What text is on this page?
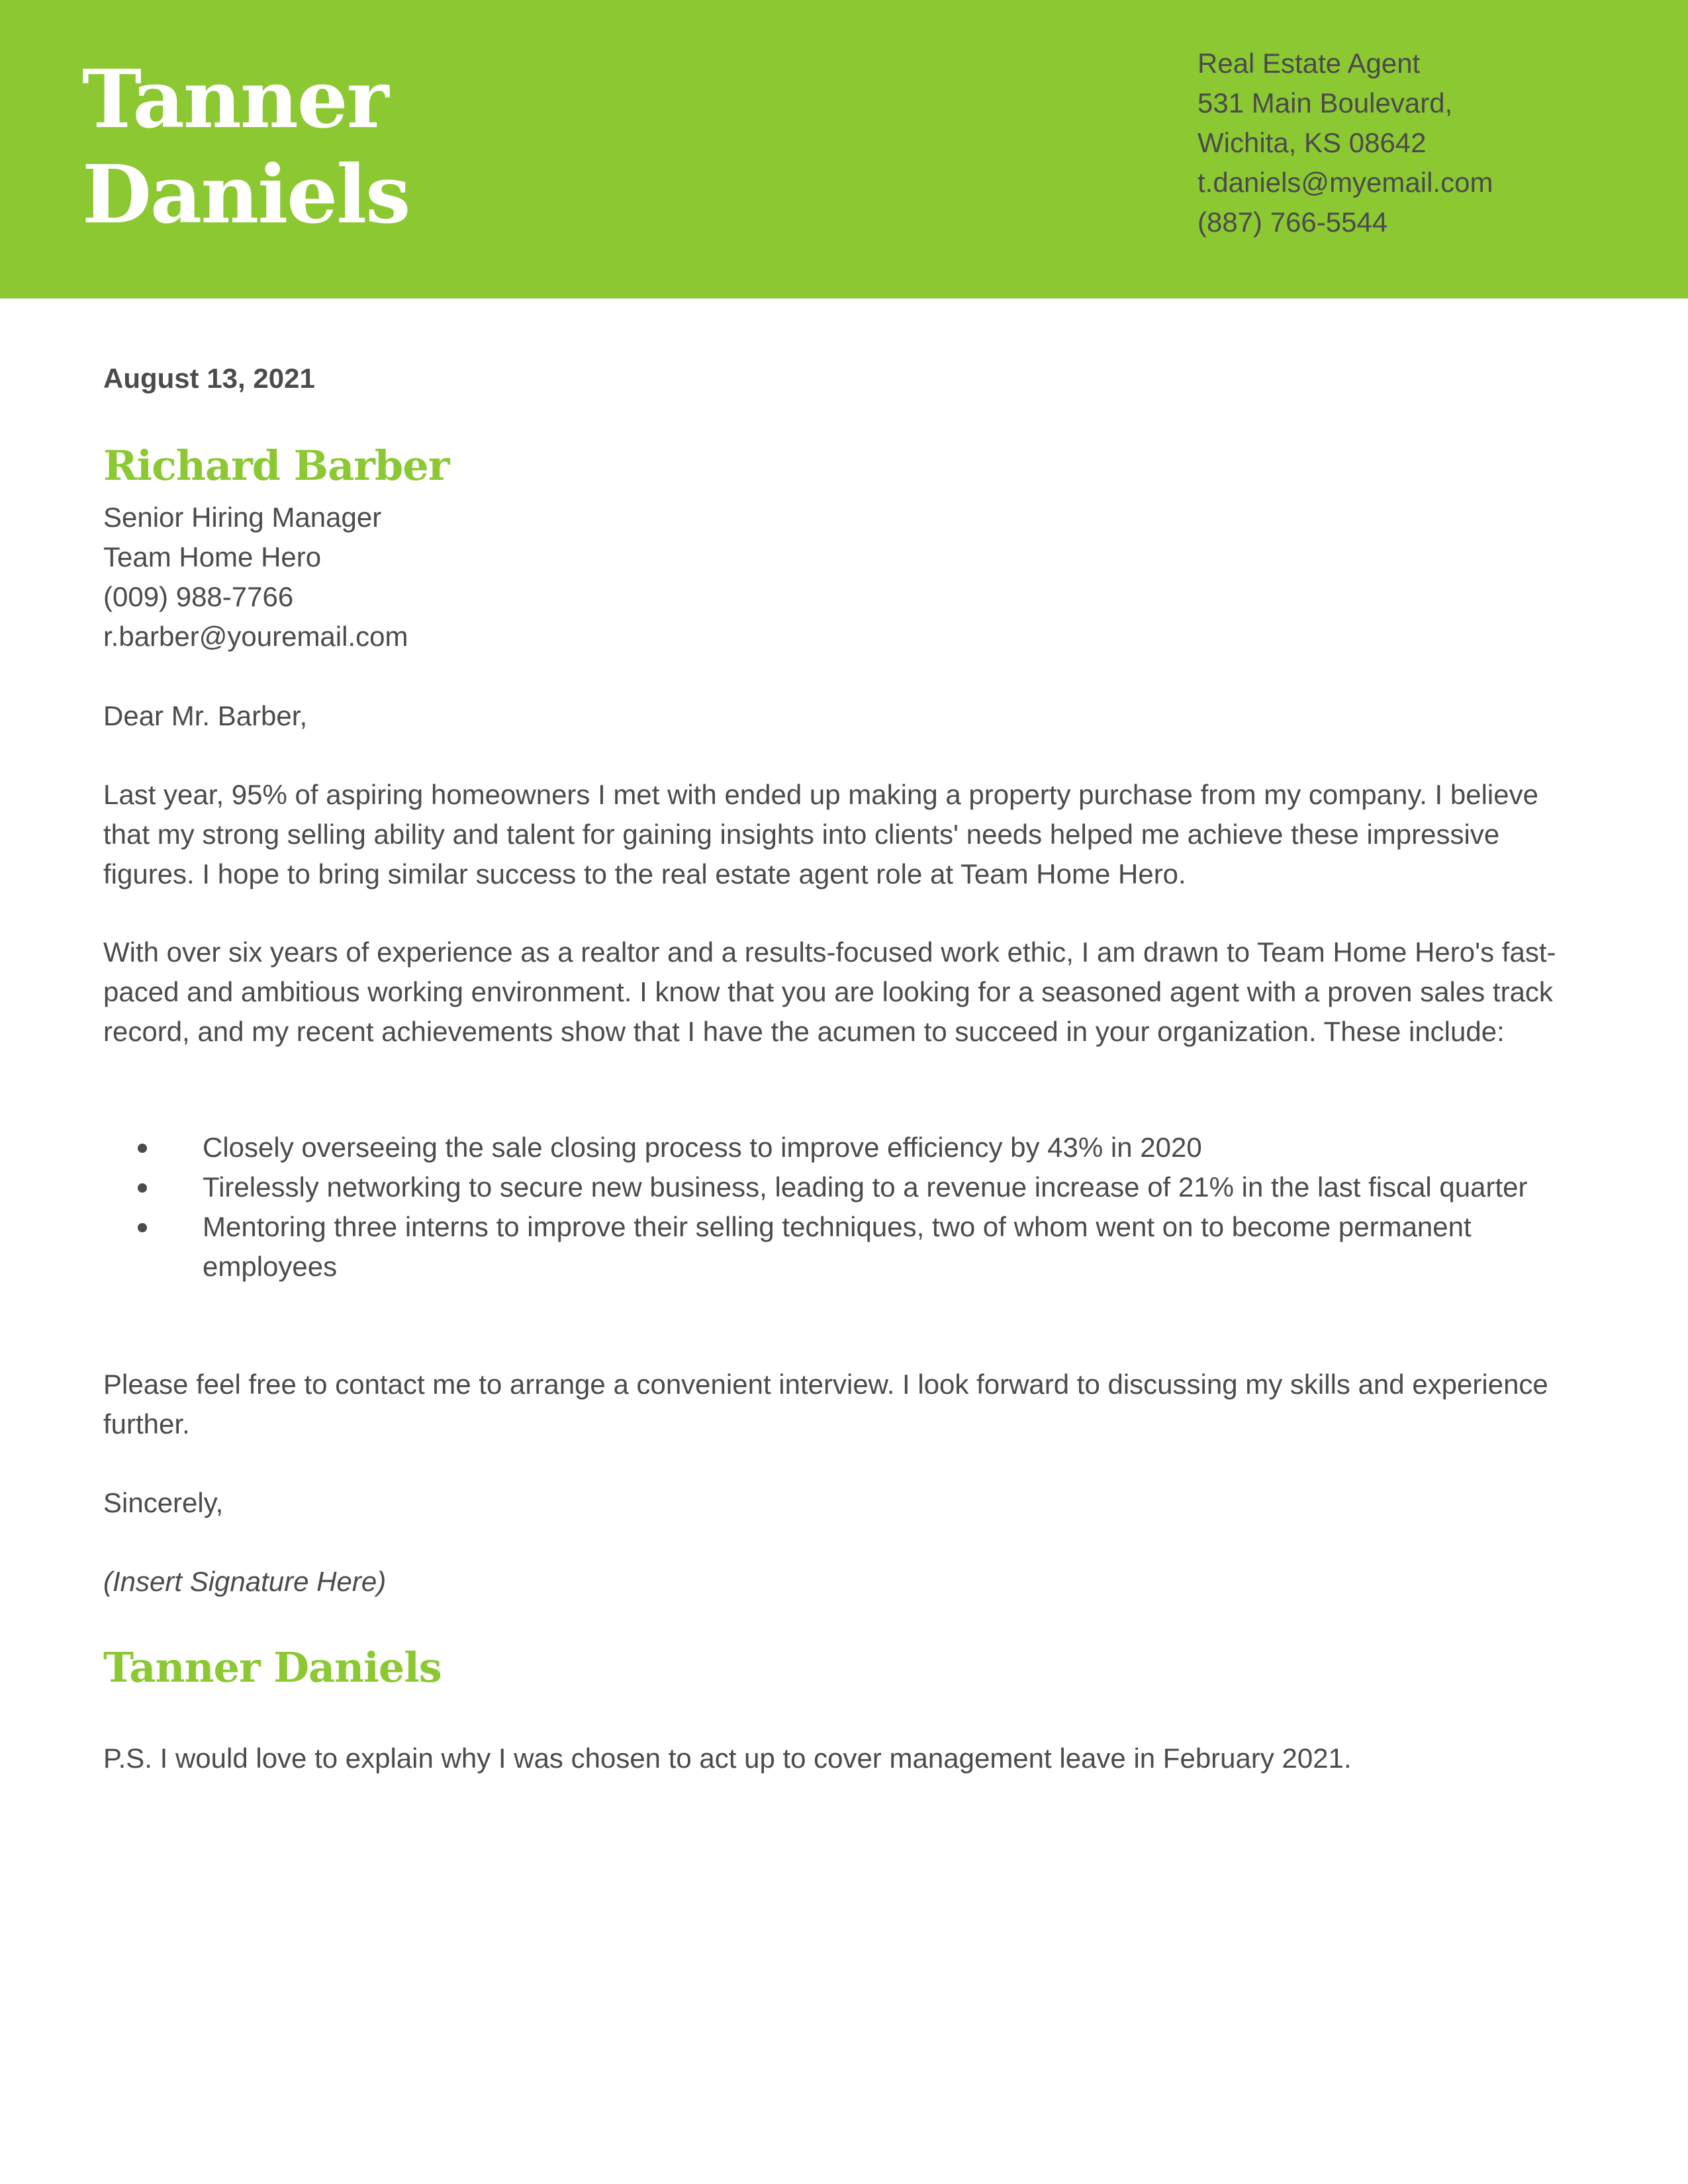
Tanner
Daniels
Real Estate Agent
531 Main Boulevard,
Wichita, KS 08642
t.daniels@myemail.com
(887) 766-5544
August 13, 2021
Richard Barber
Senior Hiring Manager
Team Home Hero
(009) 988-7766
r.barber@youremail.com
Dear Mr. Barber,

Last year, 95% of aspiring homeowners I met with ended up making a property purchase from my company. I believe that my strong selling ability and talent for gaining insights into clients' needs helped me achieve these impressive figures. I hope to bring similar success to the real estate agent role at Team Home Hero.

With over six years of experience as a realtor and a results-focused work ethic, I am drawn to Team Home Hero's fast-paced and ambitious working environment. I know that you are looking for a seasoned agent with a proven sales track record, and my recent achievements show that I have the acumen to succeed in your organization. These include:

Closely overseeing the sale closing process to improve efficiency by 43% in 2020
Tirelessly networking to secure new business, leading to a revenue increase of 21% in the last fiscal quarter
Mentoring three interns to improve their selling techniques, two of whom went on to become permanent employees

Please feel free to contact me to arrange a convenient interview. I look forward to discussing my skills and experience further.

Sincerely,
(Insert Signature Here)
Tanner Daniels
P.S. I would love to explain why I was chosen to act up to cover management leave in February 2021.
